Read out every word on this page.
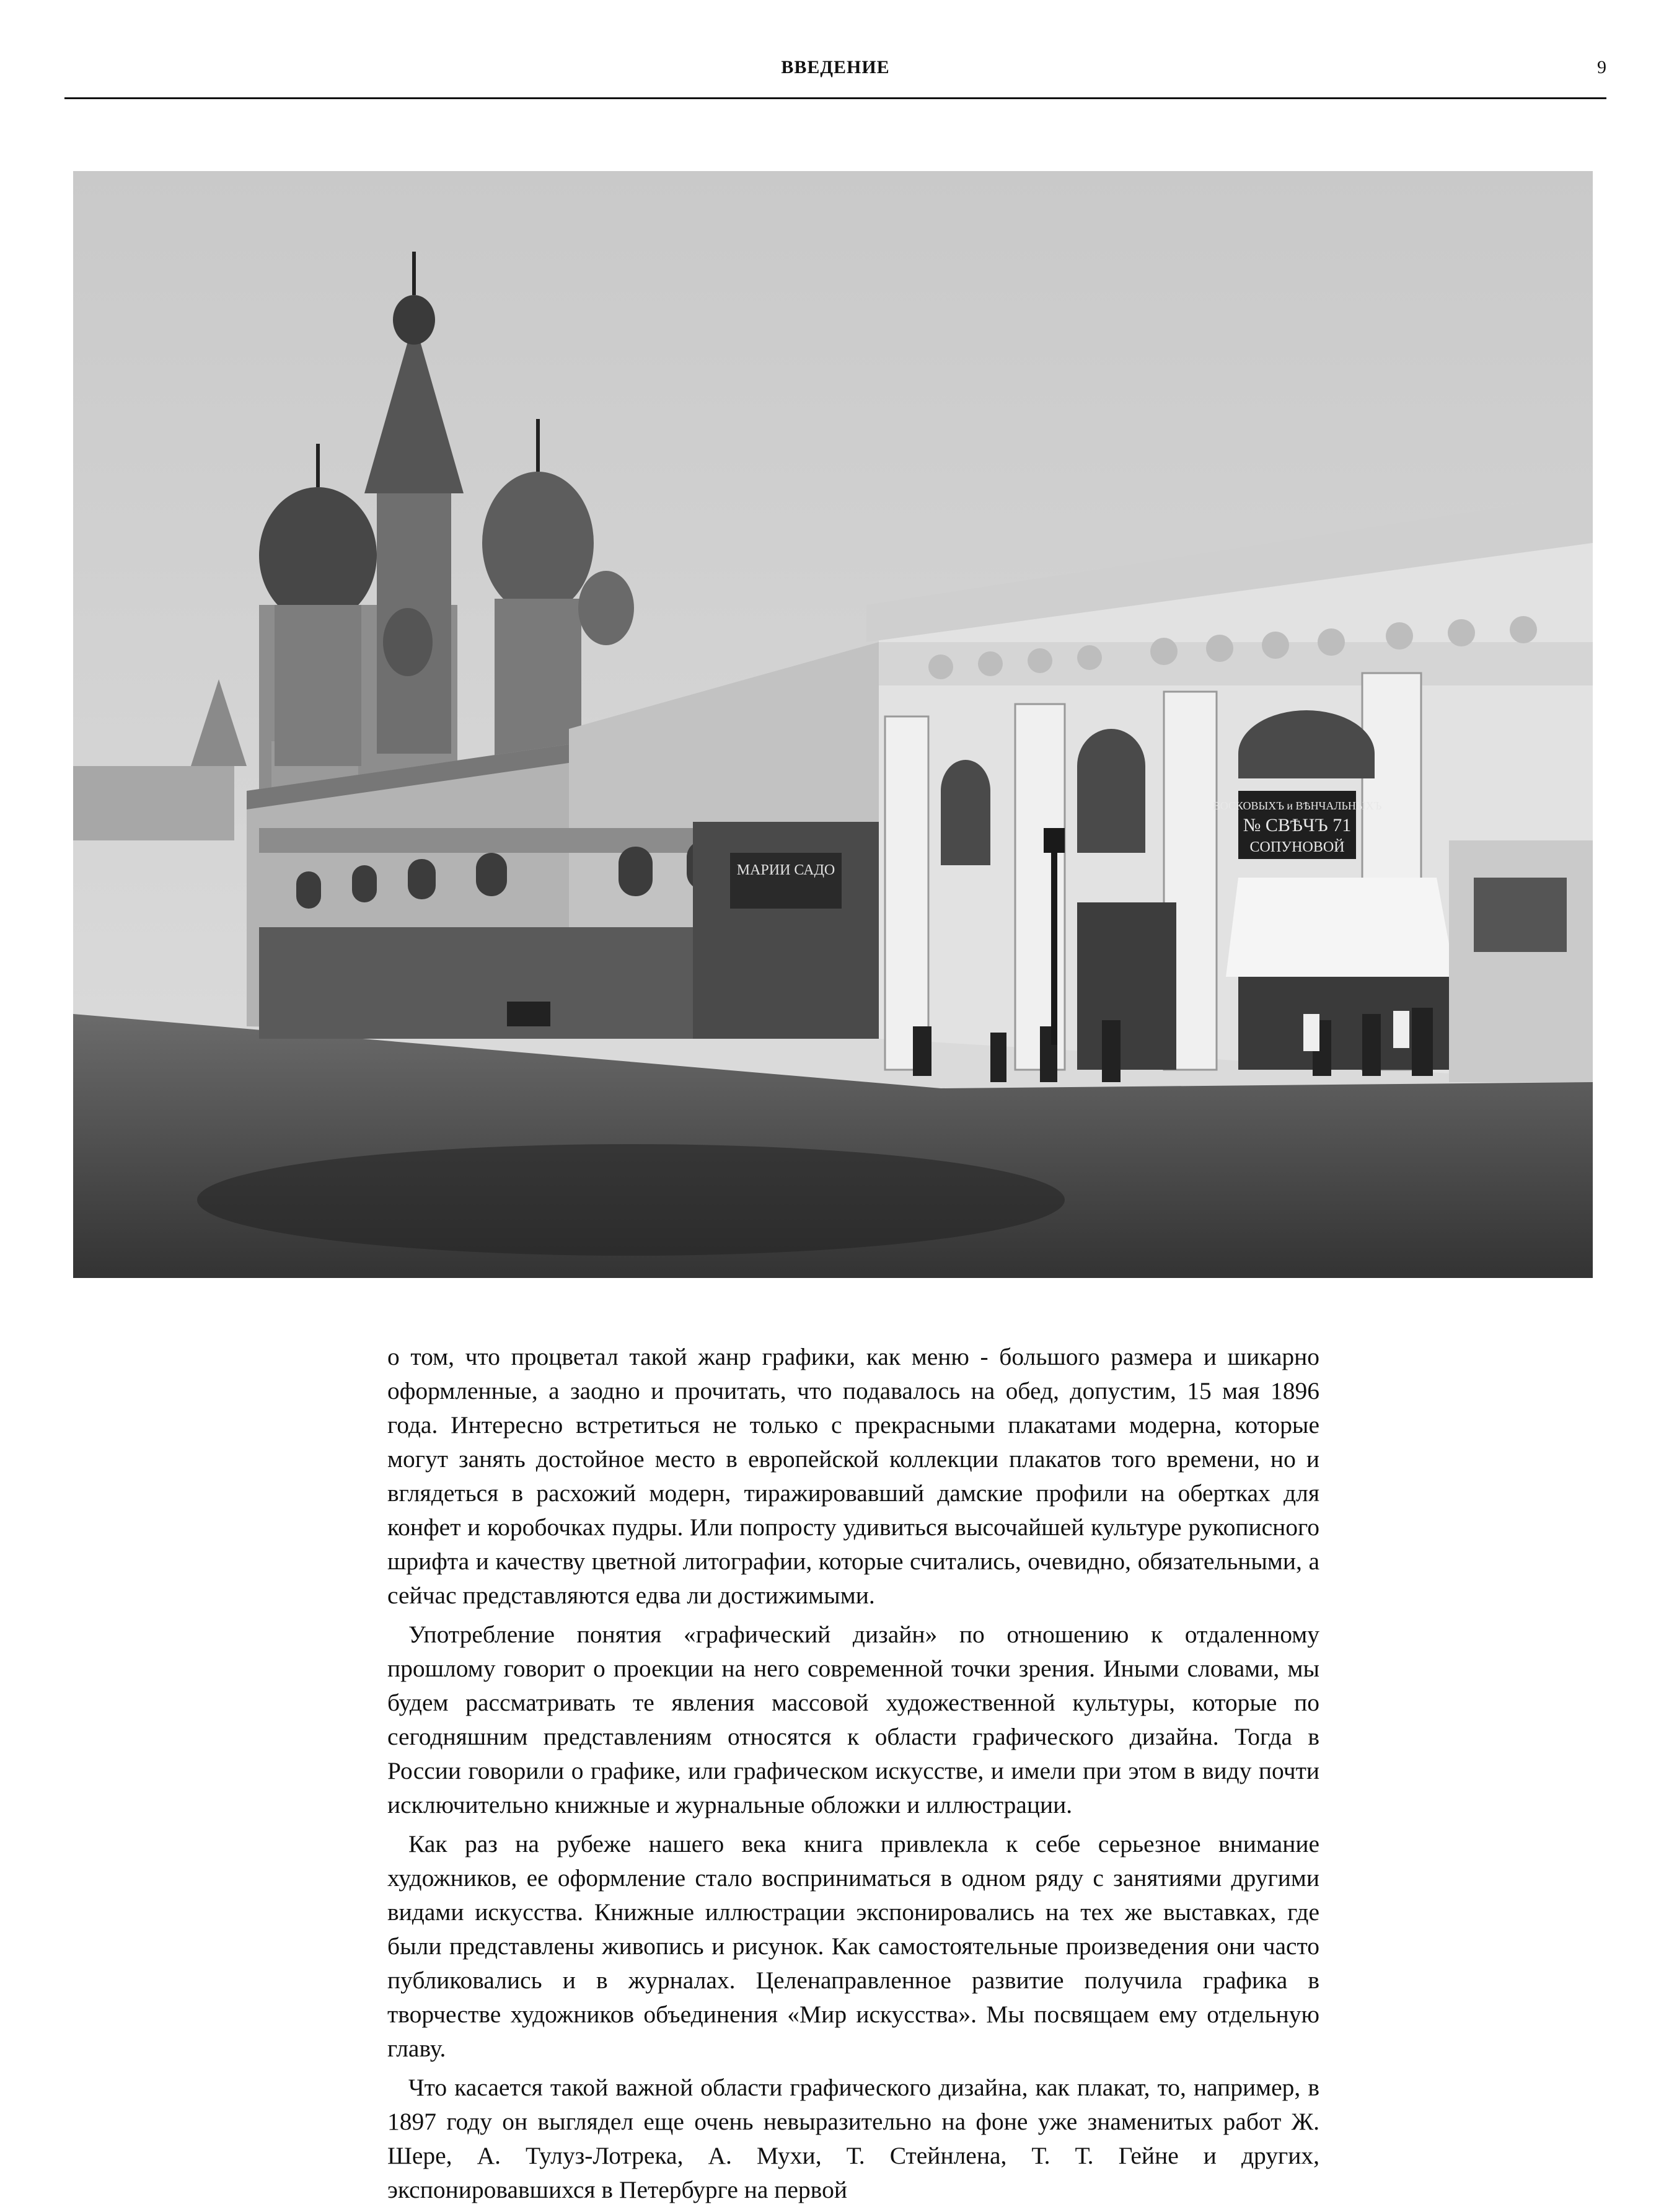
ВВЕДЕНИЕ	9
МАРИИ САДО
ВОСКОВЫХЪ и ВѢНЧАЛЬНЫХЪ
№ СВѢЧЪ 71
СОПУНОВОЙ

о том, что процветал такой жанр графики, как меню - большого размера и шикарно оформленные, а заодно и прочитать, что подавалось на обед, допустим, 15 мая 1896 года. Интересно встретиться не только с прекрасными плакатами модерна, которые могут занять достойное место в европейской коллекции плакатов того времени, но и вглядеться в расхожий модерн, тиражировавший дамские профили на обертках для конфет и коробочках пудры. Или попросту удивиться высочайшей культуре рукописного шрифта и качеству цветной литографии, которые считались, очевидно, обязательными, а сейчас представляются едва ли достижимыми.

Употребление понятия «графический дизайн» по отношению к отдаленному прошлому говорит о проекции на него современной точки зрения. Иными словами, мы будем рассматривать те явления массовой художественной культуры, которые по сегодняшним представлениям относятся к области графического дизайна. Тогда в России говорили о графике, или графическом искусстве, и имели при этом в виду почти исключительно книжные и журнальные обложки и иллюстрации.

Как раз на рубеже нашего века книга привлекла к себе серьезное внимание художников, ее оформление стало восприниматься в одном ряду с занятиями другими видами искусства. Книжные иллюстрации экспонировались на тех же выставках, где были представлены живопись и рисунок. Как самостоятельные произведения они часто публиковались и в журналах. Целенаправленное развитие получила графика в творчестве художников объединения «Мир искусства». Мы посвящаем ему отдельную главу.

Что касается такой важной области графического дизайна, как плакат, то, например, в 1897 году он выглядел еще очень невыразительно на фоне уже знаменитых работ Ж. Шере, А. Тулуз-Лотрека, А. Мухи, Т. Стейнлена, Т. Т. Гейне и других, экспонировавшихся в Петербурге на первой
